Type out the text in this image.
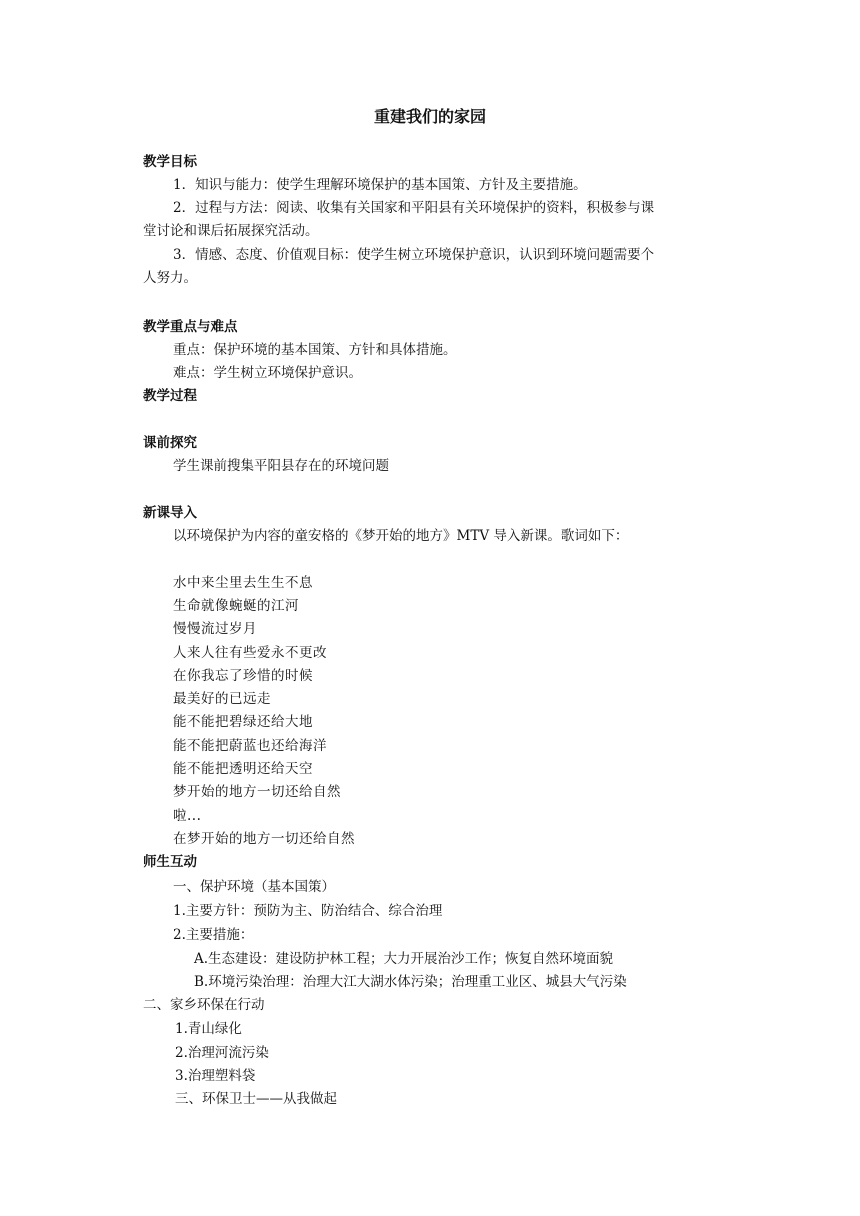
重建我们的家园
教学目标
1．知识与能力：使学生理解环境保护的基本国策、方针及主要措施。
2．过程与方法：阅读、收集有关国家和平阳县有关环境保护的资料，积极参与课
堂讨论和课后拓展探究活动。
3．情感、态度、价值观目标：使学生树立环境保护意识，认识到环境问题需要个
人努力。
教学重点与难点
重点：保护环境的基本国策、方针和具体措施。
难点：学生树立环境保护意识。
教学过程
课前探究
学生课前搜集平阳县存在的环境问题
新课导入
以环境保护为内容的童安格的《梦开始的地方》MTV 导入新课。歌词如下：
水中来尘里去生生不息
生命就像蜿蜒的江河
慢慢流过岁月
人来人往有些爱永不更改
在你我忘了珍惜的时候
最美好的已远走
能不能把碧绿还给大地
能不能把蔚蓝也还给海洋
能不能把透明还给天空
梦开始的地方一切还给自然
啦...
在梦开始的地方一切还给自然
师生互动
一、保护环境（基本国策）
1.主要方针：预防为主、防治结合、综合治理
2.主要措施：
A.生态建设：建设防护林工程；大力开展治沙工作；恢复自然环境面貌
B.环境污染治理：治理大江大湖水体污染；治理重工业区、城县大气污染
二、家乡环保在行动
1.青山绿化
2.治理河流污染
3.治理塑料袋
三、环保卫士——从我做起
